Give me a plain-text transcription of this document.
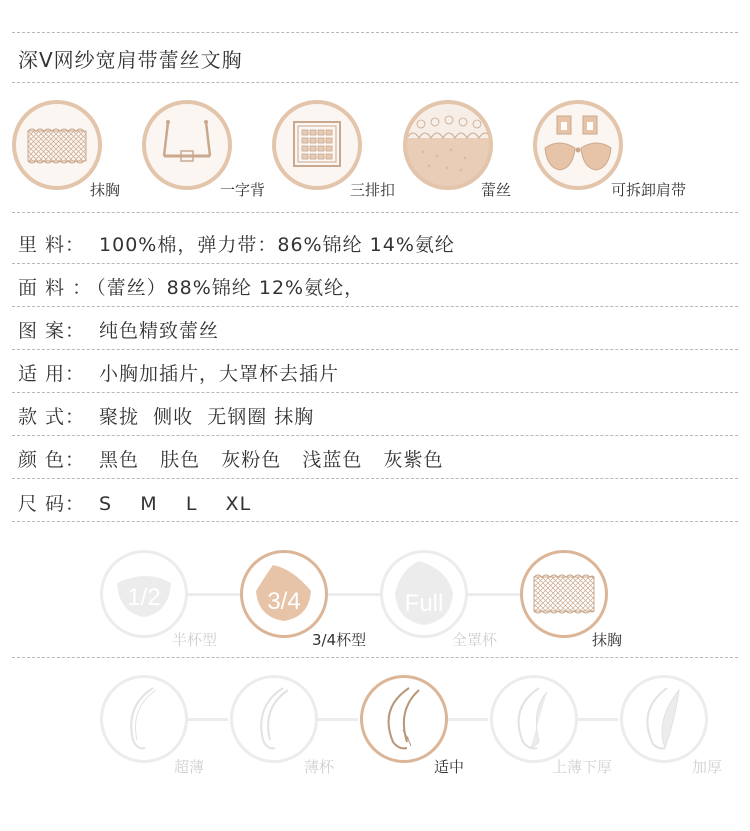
深V网纱宽肩带蕾丝文胸
抹胸	一字背	三排扣	蕾丝	可拆卸肩带
里 料： 100%棉，弹力带：86%锦纶 14%氨纶
面 料 ： （蕾丝）88%锦纶 12%氨纶，
图 案： 纯色精致蕾丝
适 用： 小胸加插片，大罩杯去插片
款 式： 聚拢  侧收  无钢圈 抹胸
颜 色： 黑色   肤色   灰粉色   浅蓝色   灰紫色
尺 码： S    M    L    XL
1/2
半杯型
3/4
3/4杯型
Full
全罩杯	抹胸
超薄	薄杯	适中	上薄下厚	加厚
